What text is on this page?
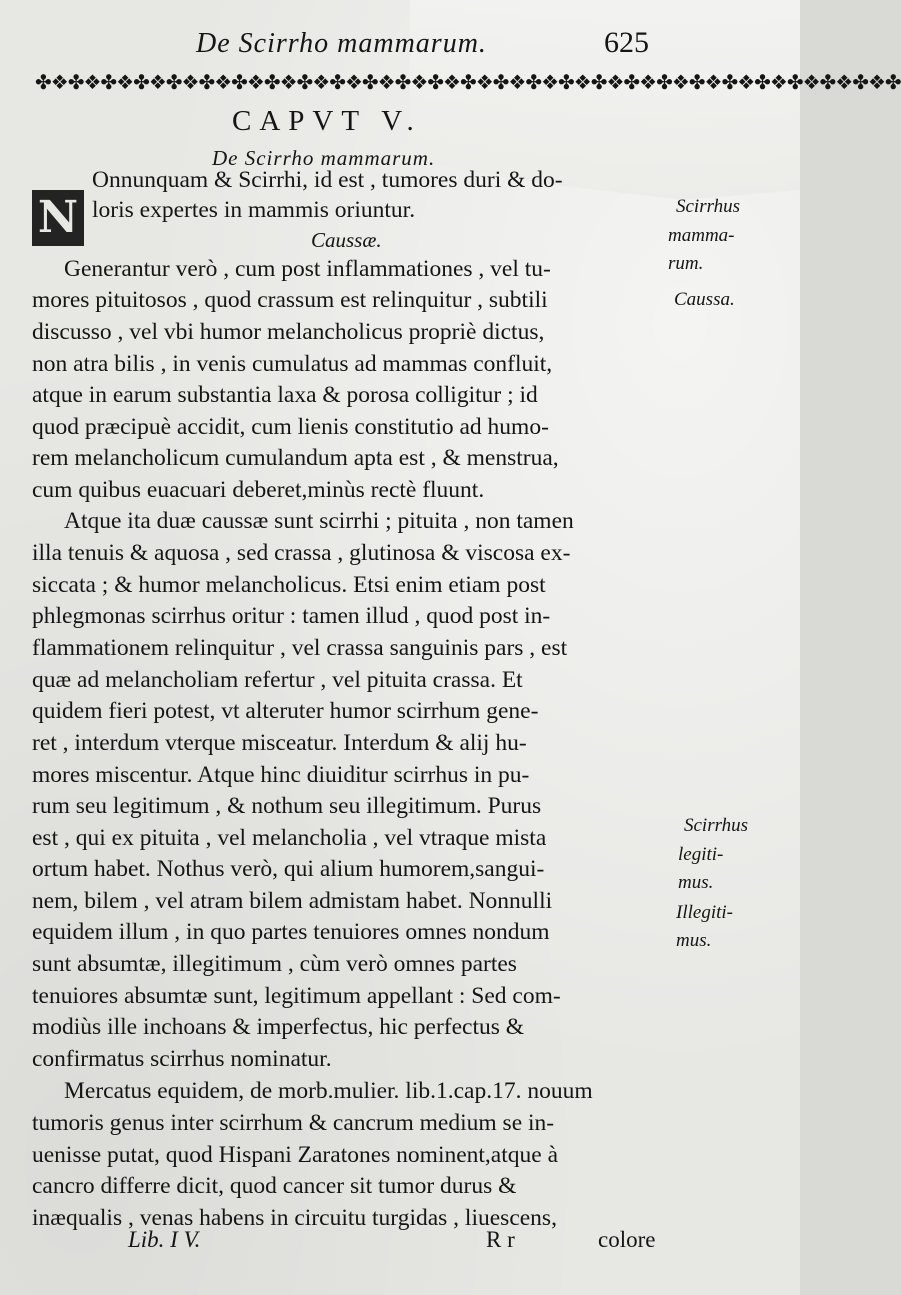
De Scirrho mammarum.	625
✤❖✤❖✤❖✤❖✤❖✤❖✤❖✤❖✤❖✤❖✤❖✤❖✤❖✤❖✤❖✤❖✤❖✤❖✤❖✤❖✤❖✤❖✤❖✤❖✤❖✤❖✤
CAPVT V.
De Scirrho mammarum.
N
Onnunquam & Scirrhi, id est , tumores duri & do-
loris expertes in mammis oriuntur.
Caussæ.
Generantur verò , cum post inflammationes , vel tu-
mores pituitosos , quod crassum est relinquitur , subtili
discusso , vel vbi humor melancholicus propriè dictus,
non atra bilis , in venis cumulatus ad mammas confluit,
atque in earum substantia laxa & porosa colligitur ; id
quod præcipuè accidit, cum lienis constitutio ad humo-
rem melancholicum cumulandum apta est , & menstrua,
cum quibus euacuari deberet,minùs rectè fluunt.
Atque ita duæ caussæ sunt scirrhi ; pituita , non tamen
illa tenuis & aquosa , sed crassa , glutinosa & viscosa ex-
siccata ; & humor melancholicus. Etsi enim etiam post
phlegmonas scirrhus oritur : tamen illud , quod post in-
flammationem relinquitur , vel crassa sanguinis pars , est
quæ ad melancholiam refertur , vel pituita crassa. Et
quidem fieri potest, vt alteruter humor scirrhum gene-
ret , interdum vterque misceatur. Interdum & alij hu-
mores miscentur. Atque hinc diuiditur scirrhus in pu-
rum seu legitimum , & nothum seu illegitimum. Purus
est , qui ex pituita , vel melancholia , vel vtraque mista
ortum habet. Nothus verò, qui alium humorem,sangui-
nem, bilem , vel atram bilem admistam habet. Nonnulli
equidem illum , in quo partes tenuiores omnes nondum
sunt absumtæ, illegitimum , cùm verò omnes partes
tenuiores absumtæ sunt, legitimum appellant : Sed com-
modiùs ille inchoans & imperfectus, hic perfectus &
confirmatus scirrhus nominatur.
Mercatus equidem, de morb.mulier. lib.1.cap.17. nouum
tumoris genus inter scirrhum & cancrum medium se in-
uenisse putat, quod Hispani Zaratones nominent,atque à
cancro differre dicit, quod cancer sit tumor durus &
inæqualis , venas habens in circuitu turgidas , liuescens,
Scirrhus
mamma-
rum.
Caussa.
Scirrhus
legiti-
mus.
Illegiti-
mus.
Lib. I V.	R r	colore
